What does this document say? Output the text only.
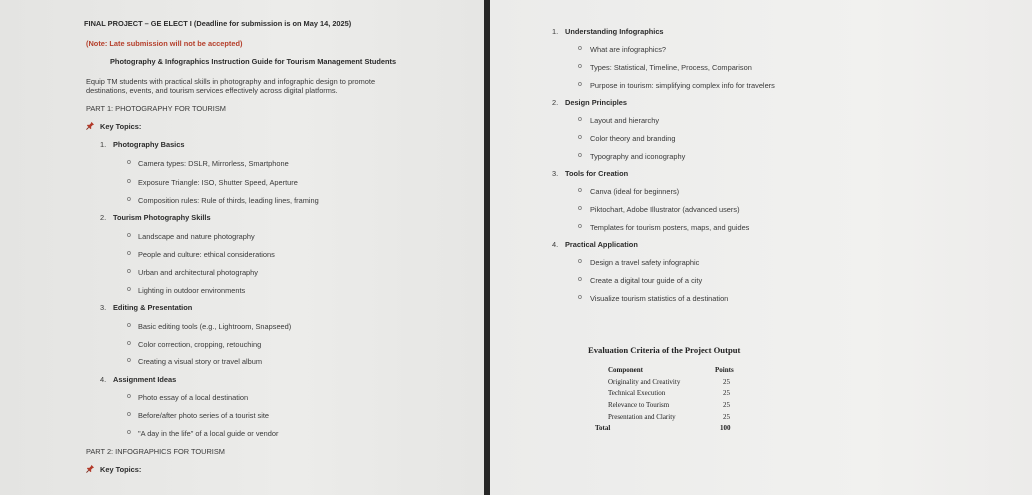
FINAL PROJECT – GE ELECT I (Deadline for submission is on May 14, 2025)
(Note: Late submission will not be accepted)
Photography & Infographics Instruction Guide for Tourism Management Students
Equip TM students with practical skills in photography and infographic design to promote
destinations, events, and tourism services effectively across digital platforms.
PART 1: PHOTOGRAPHY FOR TOURISM
Key Topics:
1. Photography Basics
o Camera types: DSLR, Mirrorless, Smartphone
o Exposure Triangle: ISO, Shutter Speed, Aperture
o Composition rules: Rule of thirds, leading lines, framing
2. Tourism Photography Skills
o Landscape and nature photography
o People and culture: ethical considerations
o Urban and architectural photography
o Lighting in outdoor environments
3. Editing & Presentation
o Basic editing tools (e.g., Lightroom, Snapseed)
o Color correction, cropping, retouching
o Creating a visual story or travel album
4. Assignment Ideas
o Photo essay of a local destination
o Before/after photo series of a tourist site
o "A day in the life" of a local guide or vendor
PART 2: INFOGRAPHICS FOR TOURISM
Key Topics:
1. Understanding Infographics
o What are infographics?
o Types: Statistical, Timeline, Process, Comparison
o Purpose in tourism: simplifying complex info for travelers
2. Design Principles
o Layout and hierarchy
o Color theory and branding
o Typography and iconography
3. Tools for Creation
o Canva (ideal for beginners)
o Piktochart, Adobe Illustrator (advanced users)
o Templates for tourism posters, maps, and guides
4. Practical Application
o Design a travel safety infographic
o Create a digital tour guide of a city
o Visualize tourism statistics of a destination
Evaluation Criteria of the Project Output
Component	Points
Originality and Creativity	25
Technical Execution	25
Relevance to Tourism	25
Presentation and Clarity	25
Total	100
